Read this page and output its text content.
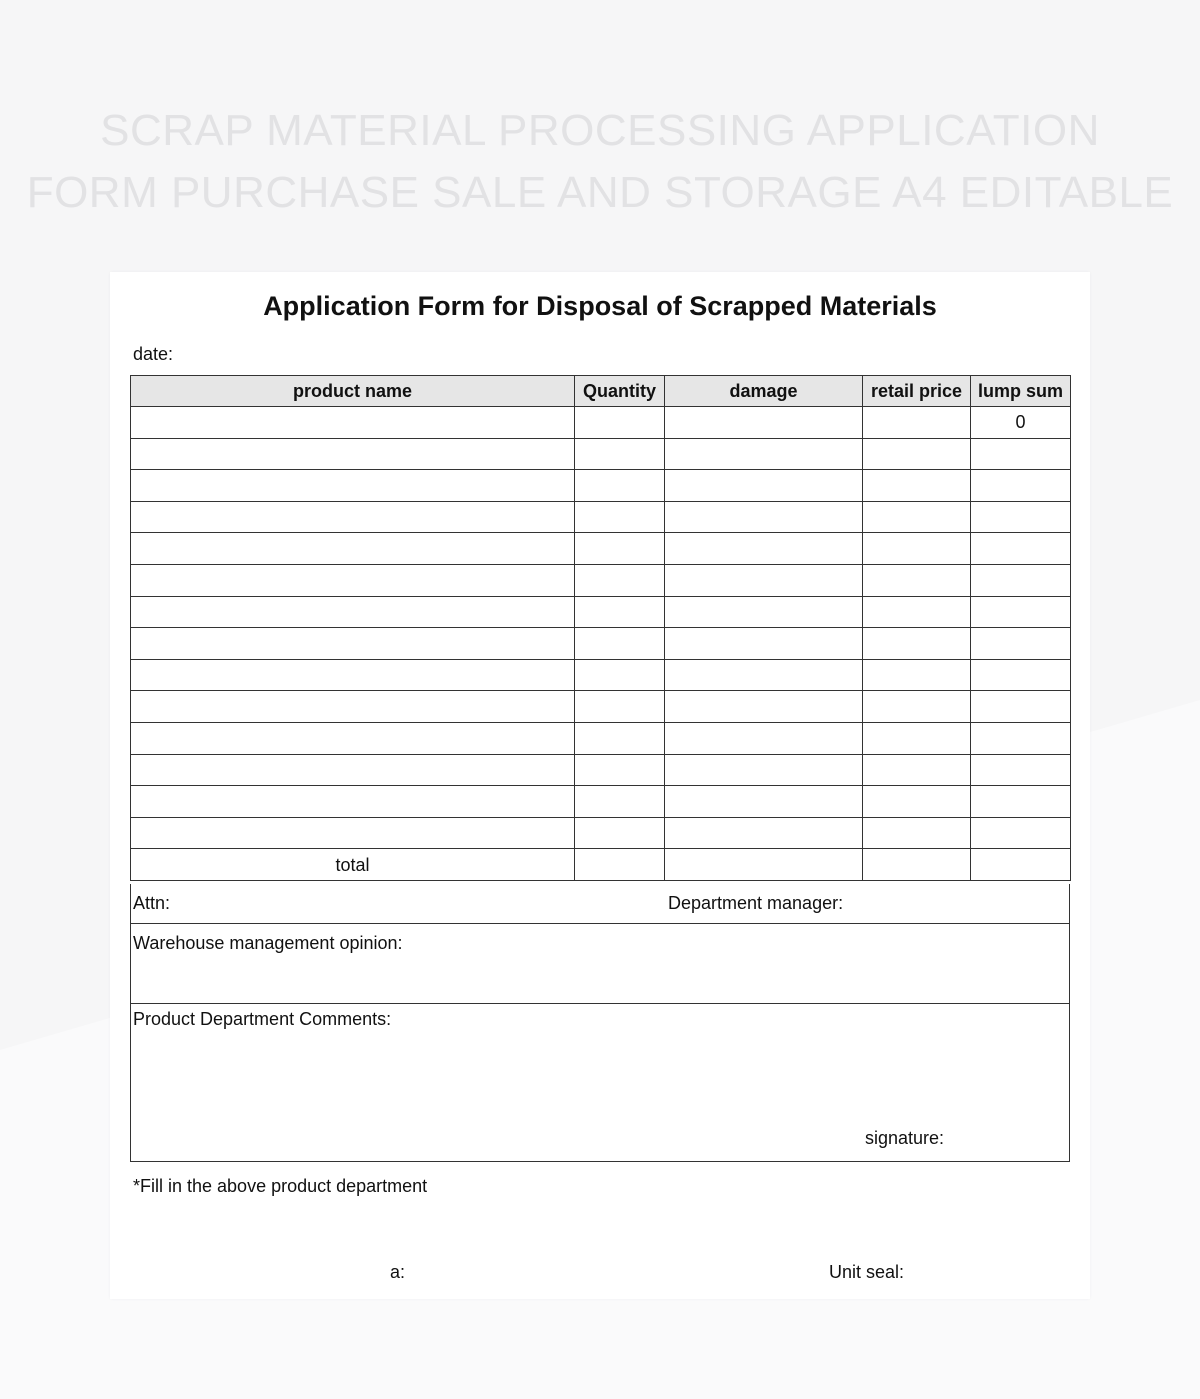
SCRAP MATERIAL PROCESSING APPLICATION
FORM PURCHASE SALE AND STORAGE A4 EDITABLE
Application Form for Disposal of Scrapped Materials
date:
product name	Quantity	damage	retail price	lump sum
				0

total				
Attn:	Department manager:
Warehouse management opinion:
Product Department Comments:
signature:
*Fill in the above product department
a:	Unit seal:
